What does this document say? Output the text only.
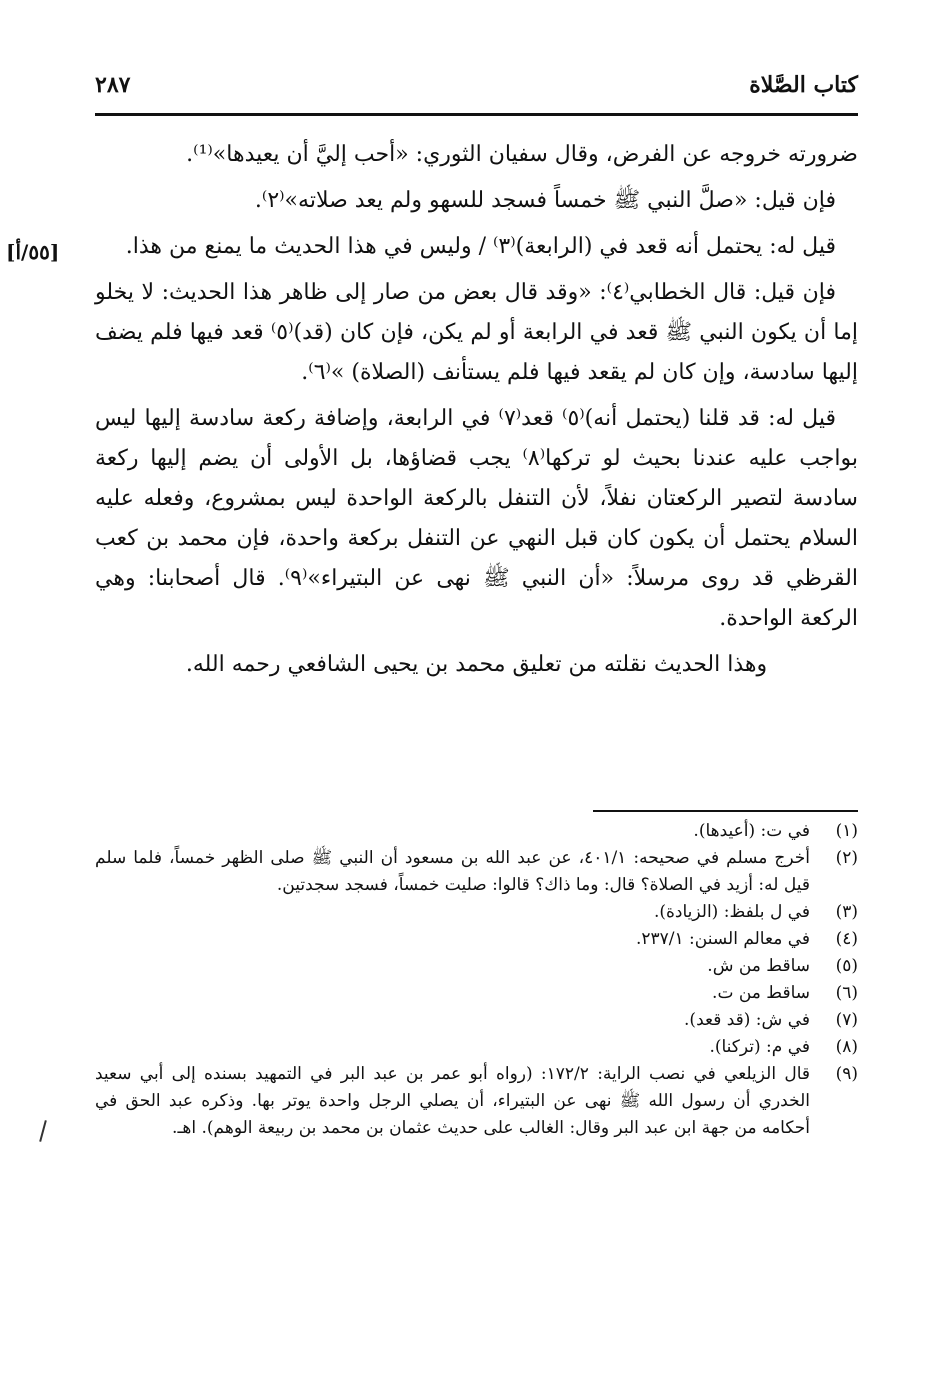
كتاب الصَّلاة
٢٨٧
[٥٥/أ]

ضرورته خروجه عن الفرض، وقال سفيان الثوري: «أحب إليَّ أن يعيدها»⁽¹⁾.

فإن قيل: «صلَّ النبي ﷺ خمساً فسجد للسهو ولم يعد صلاته»⁽٢⁾.

قيل له: يحتمل أنه قعد في (الرابعة)⁽٣⁾ / وليس في هذا الحديث ما يمنع من هذا.

فإن قيل: قال الخطابي⁽٤⁾: «وقد قال بعض من صار إلى ظاهر هذا الحديث: لا يخلو إما أن يكون النبي ﷺ قعد في الرابعة أو لم يكن، فإن كان (قد)⁽٥⁾ قعد فيها فلم يضف إليها سادسة، وإن كان لم يقعد فيها فلم يستأنف (الصلاة) »⁽٦⁾.

قيل له: قد قلنا (يحتمل أنه)⁽٥⁾ قعد⁽٧⁾ في الرابعة، وإضافة ركعة سادسة إليها ليس بواجب عليه عندنا بحيث لو تركها⁽٨⁾ يجب قضاؤها، بل الأولى أن يضم إليها ركعة سادسة لتصير الركعتان نفلاً، لأن التنفل بالركعة الواحدة ليس بمشروع، وفعله عليه السلام يحتمل أن يكون كان قبل النهي عن التنفل بركعة واحدة، فإن محمد بن كعب القرظي قد روى مرسلاً: «أن النبي ﷺ نهى عن البتيراء»⁽٩⁾. قال أصحابنا: وهي الركعة الواحدة.

وهذا الحديث نقلته من تعليق محمد بن يحيى الشافعي رحمه الله.

(١)
في ت: (أعيدها).
(٢)
أخرج مسلم في صحيحه: ٤٠١/١، عن عبد الله بن مسعود أن النبي ﷺ صلى الظهر خمساً، فلما سلم قيل له: أزيد في الصلاة؟ قال: وما ذاك؟ قالوا: صليت خمساً، فسجد سجدتين.
(٣)
في ل بلفظ: (الزيادة).
(٤)
في معالم السنن: ٢٣٧/١.
(٥)
ساقط من ش.
(٦)
ساقط من ت.
(٧)
في ش: (قد قعد).
(٨)
في م: (تركنا).
(٩)
قال الزيلعي في نصب الراية: ١٧٢/٢: (رواه أبو عمر بن عبد البر في التمهيد بسنده إلى أبي سعيد الخدري أن رسول الله ﷺ نهى عن البتيراء، أن يصلي الرجل واحدة يوتر بها. وذكره عبد الحق في أحكامه من جهة ابن عبد البر وقال: الغالب على حديث عثمان بن محمد بن ربيعة الوهم). اهـ.
